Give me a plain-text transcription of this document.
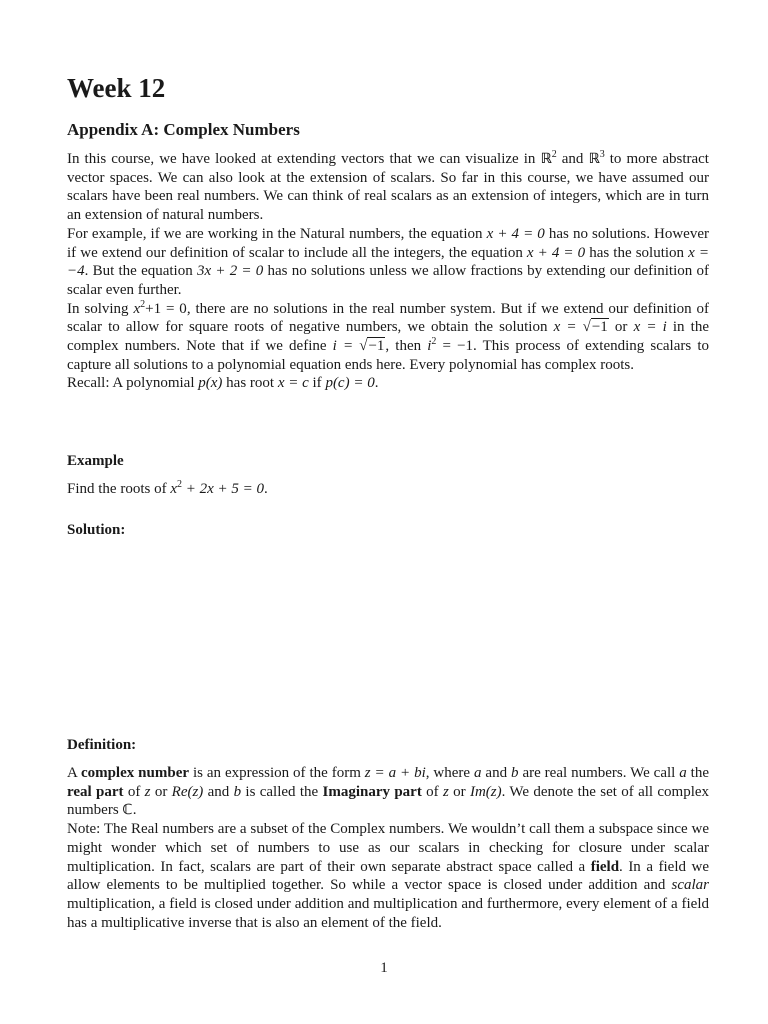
Week 12
Appendix A: Complex Numbers

In this course, we have looked at extending vectors that we can visualize in ℝ$^2$ and ℝ$^3$ to more abstract vector spaces. We can also look at the extension of scalars. So far in this course, we have assumed our scalars have been real numbers. We can think of real scalars as an extension of integers, which are in turn an extension of natural numbers.

For example, if we are working in the Natural numbers, the equation x + 4 = 0 has no solutions. However if we extend our definition of scalar to include all the integers, the equation x + 4 = 0 has the solution x = −4. But the equation 3x + 2 = 0 has no solutions unless we allow fractions by extending our definition of scalar even further.

In solving $x^2+1 = 0$, there are no solutions in the real number system. But if we extend our definition of scalar to allow for square roots of negative numbers, we obtain the solution x = √−1 or x = i in the complex numbers. Note that if we define i = √−1, then $i^2 = -1$. This process of extending scalars to capture all solutions to a polynomial equation ends here. Every polynomial has complex roots.

Recall: A polynomial p(x) has root x = c if p(c) = 0.

Example

Find the roots of $x^2 + 2x + 5 = 0$.

Solution:
Definition:

A complex number is an expression of the form z = a + bi, where a and b are real numbers. We call a the real part of z or Re(z) and b is called the Imaginary part of z or Im(z). We denote the set of all complex numbers ℂ.

Note: The Real numbers are a subset of the Complex numbers. We wouldn’t call them a subspace since we might wonder which set of numbers to use as our scalars in checking for closure under scalar multiplication. In fact, scalars are part of their own separate abstract space called a field. In a field we allow elements to be multiplied together. So while a vector space is closed under addition and scalar multiplication, a field is closed under addition and multiplication and furthermore, every element of a field has a multiplicative inverse that is also an element of the field.

1
